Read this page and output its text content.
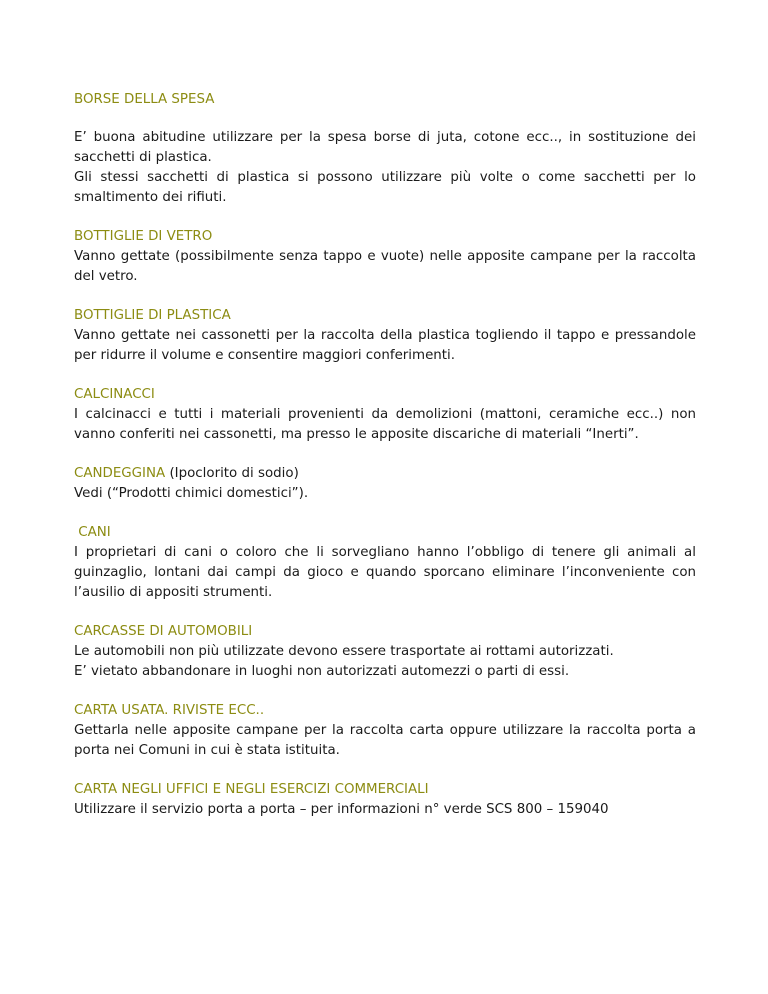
BORSE DELLA SPESA

E’ buona abitudine utilizzare per la spesa borse di juta, cotone ecc.., in sostituzione dei sacchetti di plastica.

Gli stessi sacchetti di plastica si possono utilizzare più volte o come sacchetti per lo smaltimento dei rifiuti.

BOTTIGLIE DI VETRO

Vanno gettate (possibilmente senza tappo e vuote) nelle apposite campane per la raccolta del vetro.

BOTTIGLIE DI PLASTICA

Vanno gettate nei cassonetti per la raccolta della plastica togliendo il tappo e pressandole per ridurre il volume e consentire maggiori conferimenti.

CALCINACCI

I calcinacci e tutti i materiali provenienti da demolizioni (mattoni, ceramiche ecc..) non vanno conferiti nei cassonetti, ma presso le apposite discariche di materiali “Inerti”.

CANDEGGINA (Ipoclorito di sodio)

Vedi (“Prodotti chimici domestici”).

CANI

I proprietari di cani o coloro che li sorvegliano hanno l’obbligo di tenere gli animali al guinzaglio, lontani dai campi da gioco e quando sporcano eliminare l’inconveniente con l’ausilio di appositi strumenti.

CARCASSE DI AUTOMOBILI

Le automobili non più utilizzate devono essere trasportate ai rottami autorizzati.

E’ vietato abbandonare in luoghi non autorizzati automezzi o parti di essi.

CARTA USATA. RIVISTE ECC..

Gettarla nelle apposite campane per la raccolta carta oppure utilizzare la raccolta porta a porta nei Comuni in cui è stata istituita.

CARTA NEGLI UFFICI E NEGLI ESERCIZI COMMERCIALI

Utilizzare il servizio porta a porta – per informazioni n° verde SCS 800 – 159040
